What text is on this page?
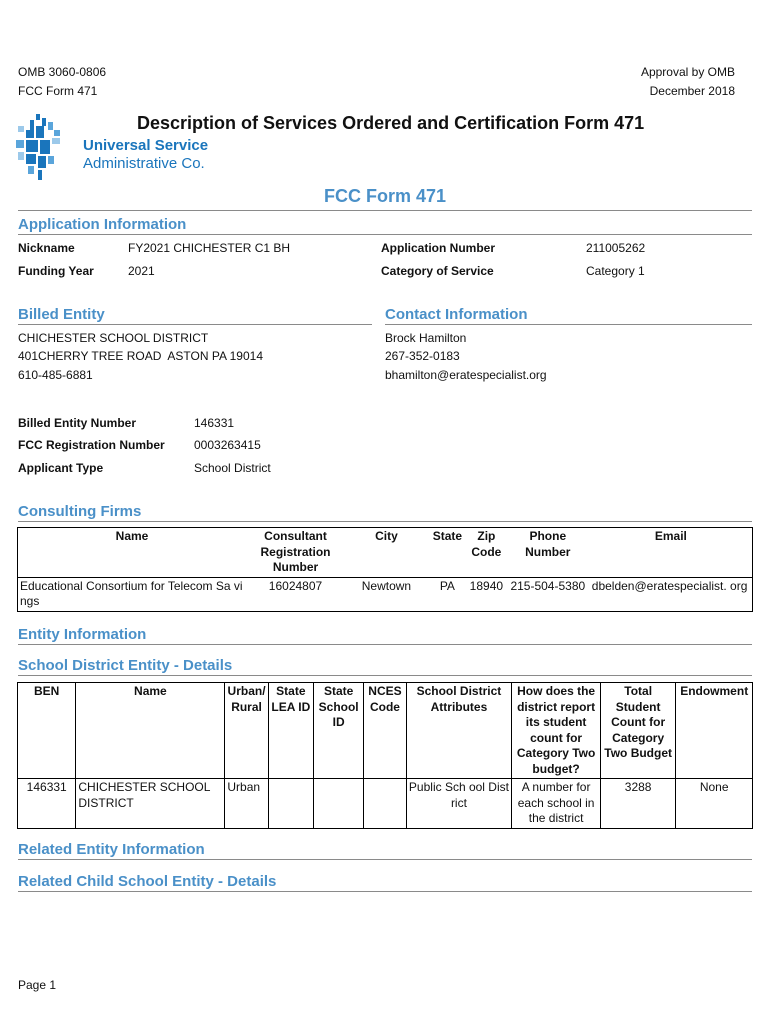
OMB 3060-0806
FCC Form 471
Approval by OMB
December 2018
Universal Service
Administrative Co.
Description of Services Ordered and Certification Form 471
FCC Form 471
Application Information
Nickname	FY2021 CHICHESTER C1 BH	Application Number	211005262
Funding Year	2021	Category of Service	Category 1
Billed Entity	Contact Information
CHICHESTER SCHOOL DISTRICT
401CHERRY TREE ROAD  ASTON PA 19014
610-485-6881
Brock Hamilton
267-352-0183
bhamilton@eratespecialist.org
Billed Entity Number	146331
FCC Registration Number 0003263415
Applicant Type	School District
Consulting Firms
Name	Consultant Registration Number	City	State	Zip Code	Phone Number	Email
Educational Consortium for Telecom Sa vings	16024807	Newtown	PA	18940	215-504-5380	dbelden@eratespecialist. org
Entity Information
School District Entity - Details
BEN	Name	Urban/ Rural	State LEA ID	State School ID	NCES Code	School District Attributes	How does the district report its student count for Category Two budget?	Total Student Count for Category Two Budget	Endowment
146331	CHICHESTER SCHOOL DISTRICT	Urban				Public Sch ool District	A number for each school in the district	3288	None
Related Entity Information
Related Child School Entity - Details
Page 1
